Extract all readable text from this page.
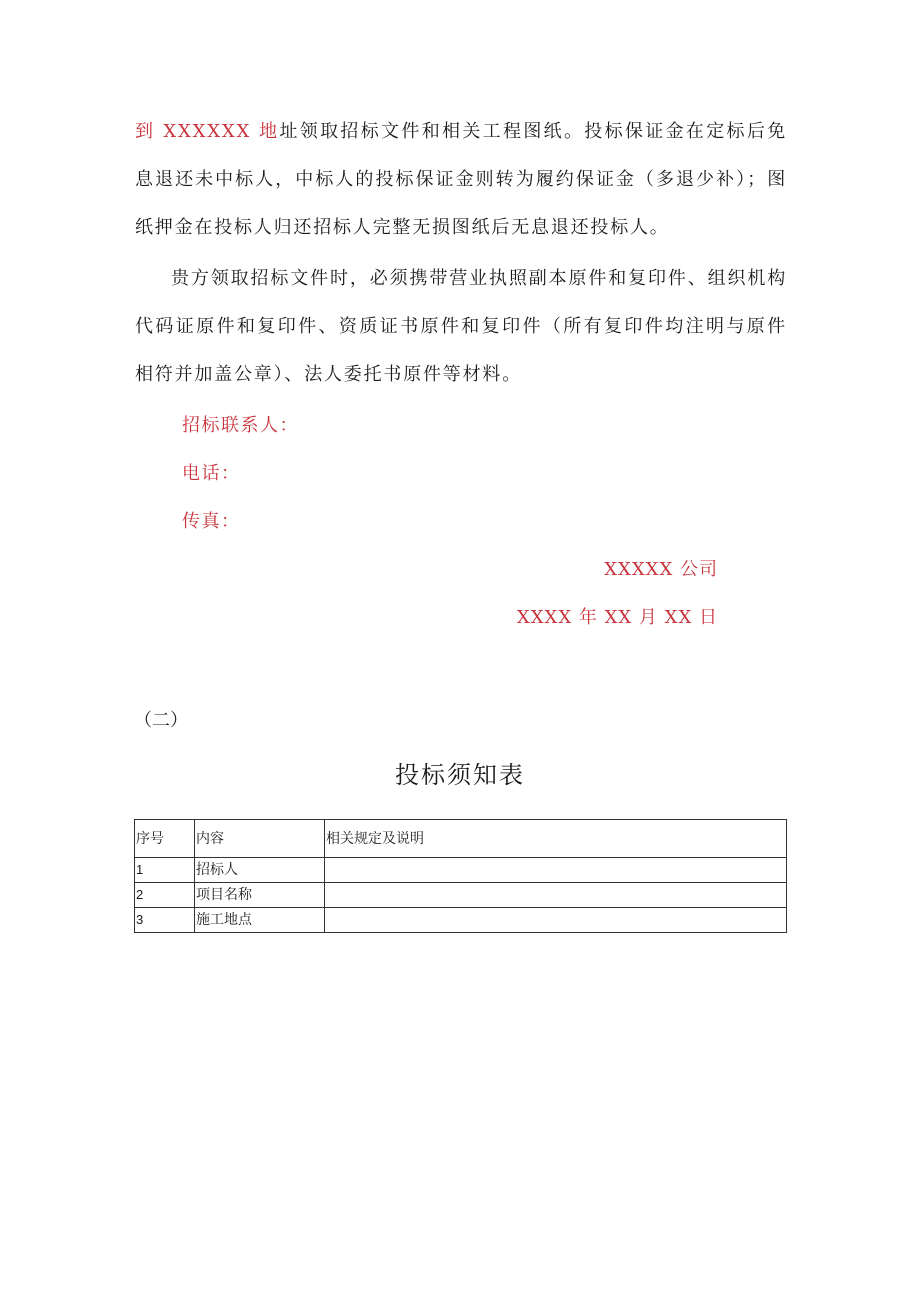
到 XXXXXX 地址领取招标文件和相关工程图纸。投标保证金在定标后免息退还未中标人，中标人的投标保证金则转为履约保证金（多退少补）；图纸押金在投标人归还招标人完整无损图纸后无息退还投标人。

贵方领取招标文件时，必须携带营业执照副本原件和复印件、组织机构代码证原件和复印件、资质证书原件和复印件（所有复印件均注明与原件相符并加盖公章）、法人委托书原件等材料。

招标联系人：

电话：

传真：

XXXXX 公司

XXXX 年 XX 月 XX 日

（二）

投标须知表

序号	内容	相关规定及说明
1	招标人	
2	项目名称	
3	施工地点	
